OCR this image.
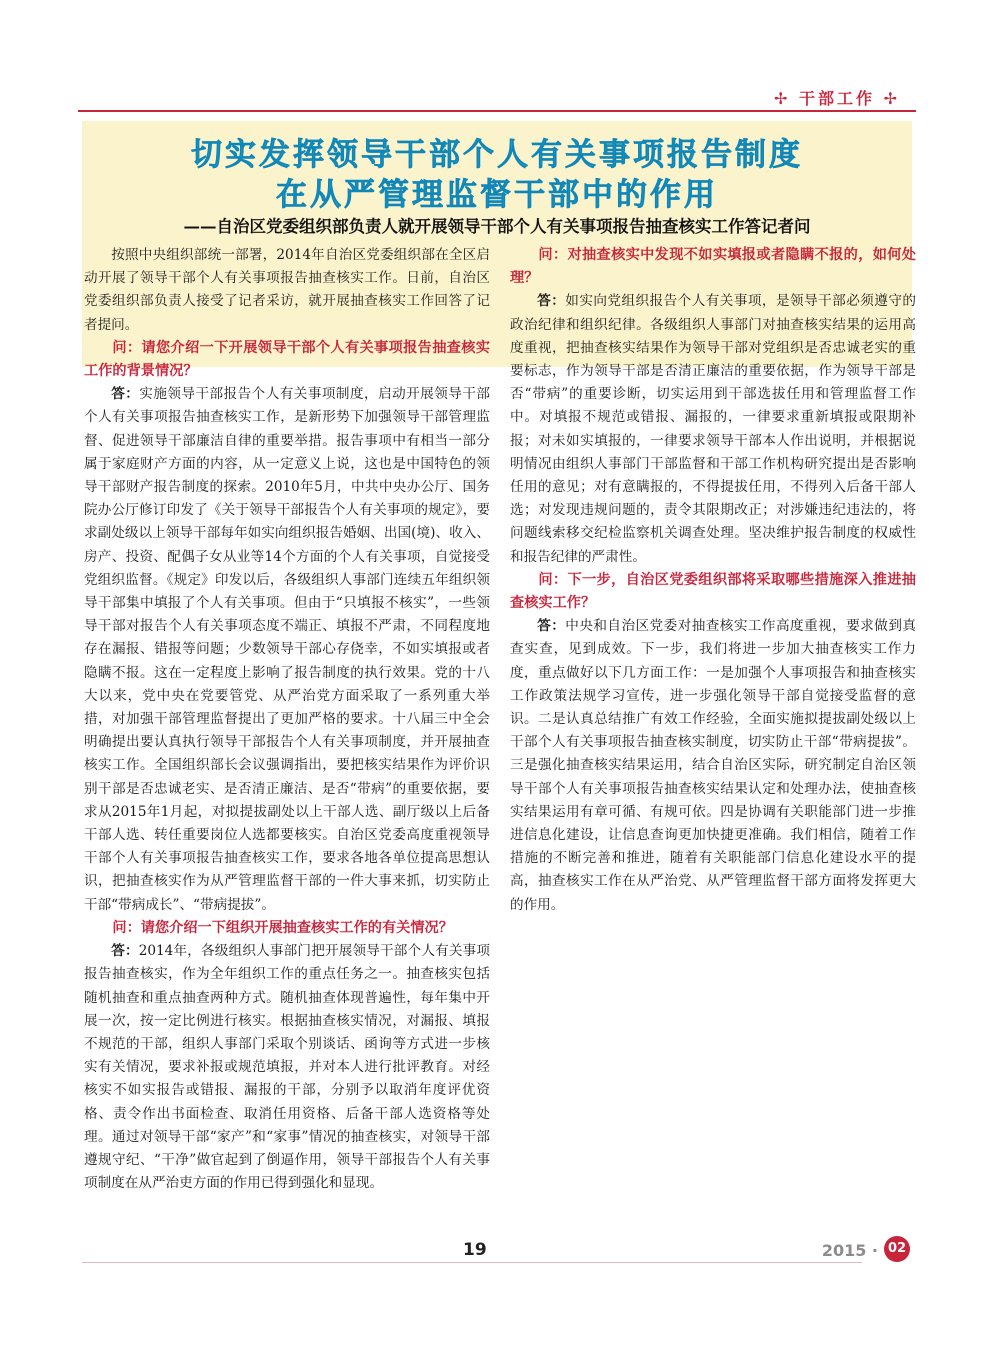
✢ 干部工作 ✢
切实发挥领导干部个人有关事项报告制度
在从严管理监督干部中的作用
——自治区党委组织部负责人就开展领导干部个人有关事项报告抽查核实工作答记者问

按照中央组织部统一部署，2014年自治区党委组织部在全区启动开展了领导干部个人有关事项报告抽查核实工作。日前，自治区党委组织部负责人接受了记者采访，就开展抽查核实工作回答了记者提问。

问：请您介绍一下开展领导干部个人有关事项报告抽查核实工作的背景情况？

答：实施领导干部报告个人有关事项制度，启动开展领导干部个人有关事项报告抽查核实工作，是新形势下加强领导干部管理监督、促进领导干部廉洁自律的重要举措。报告事项中有相当一部分属于家庭财产方面的内容，从一定意义上说，这也是中国特色的领导干部财产报告制度的探索。2010年5月，中共中央办公厅、国务院办公厅修订印发了《关于领导干部报告个人有关事项的规定》，要求副处级以上领导干部每年如实向组织报告婚姻、出国(境)、收入、房产、投资、配偶子女从业等14个方面的个人有关事项，自觉接受党组织监督。《规定》印发以后，各级组织人事部门连续五年组织领导干部集中填报了个人有关事项。但由于“只填报不核实”，一些领导干部对报告个人有关事项态度不端正、填报不严肃，不同程度地存在漏报、错报等问题；少数领导干部心存侥幸，不如实填报或者隐瞒不报。这在一定程度上影响了报告制度的执行效果。党的十八大以来，党中央在党要管党、从严治党方面采取了一系列重大举措，对加强干部管理监督提出了更加严格的要求。十八届三中全会明确提出要认真执行领导干部报告个人有关事项制度，并开展抽查核实工作。全国组织部长会议强调指出，要把核实结果作为评价识别干部是否忠诚老实、是否清正廉洁、是否“带病”的重要依据，要求从2015年1月起，对拟提拔副处以上干部人选、副厅级以上后备干部人选、转任重要岗位人选都要核实。自治区党委高度重视领导干部个人有关事项报告抽查核实工作，要求各地各单位提高思想认识，把抽查核实作为从严管理监督干部的一件大事来抓，切实防止干部“带病成长”、“带病提拔”。

问：请您介绍一下组织开展抽查核实工作的有关情况？

答：2014年，各级组织人事部门把开展领导干部个人有关事项报告抽查核实，作为全年组织工作的重点任务之一。抽查核实包括随机抽查和重点抽查两种方式。随机抽查体现普遍性，每年集中开展一次，按一定比例进行核实。根据抽查核实情况，对漏报、填报不规范的干部，组织人事部门采取个别谈话、函询等方式进一步核实有关情况，要求补报或规范填报，并对本人进行批评教育。对经核实不如实报告或错报、漏报的干部，分别予以取消年度评优资格、责令作出书面检查、取消任用资格、后备干部人选资格等处理。通过对领导干部“家产”和“家事”情况的抽查核实，对领导干部遵规守纪、“干净”做官起到了倒逼作用，领导干部报告个人有关事项制度在从严治吏方面的作用已得到强化和显现。

问：对抽查核实中发现不如实填报或者隐瞒不报的，如何处理？

答：如实向党组织报告个人有关事项，是领导干部必须遵守的政治纪律和组织纪律。各级组织人事部门对抽查核实结果的运用高度重视，把抽查核实结果作为领导干部对党组织是否忠诚老实的重要标志，作为领导干部是否清正廉洁的重要依据，作为领导干部是否“带病”的重要诊断，切实运用到干部选拔任用和管理监督工作中。对填报不规范或错报、漏报的，一律要求重新填报或限期补报；对未如实填报的，一律要求领导干部本人作出说明，并根据说明情况由组织人事部门干部监督和干部工作机构研究提出是否影响任用的意见；对有意瞒报的，不得提拔任用，不得列入后备干部人选；对发现违规问题的，责令其限期改正；对涉嫌违纪违法的，将问题线索移交纪检监察机关调查处理。坚决维护报告制度的权威性和报告纪律的严肃性。

问：下一步，自治区党委组织部将采取哪些措施深入推进抽查核实工作？

答：中央和自治区党委对抽查核实工作高度重视，要求做到真查实查，见到成效。下一步，我们将进一步加大抽查核实工作力度，重点做好以下几方面工作：一是加强个人事项报告和抽查核实工作政策法规学习宣传，进一步强化领导干部自觉接受监督的意识。二是认真总结推广有效工作经验，全面实施拟提拔副处级以上干部个人有关事项报告抽查核实制度，切实防止干部“带病提拔”。三是强化抽查核实结果运用，结合自治区实际，研究制定自治区领导干部个人有关事项报告抽查核实结果认定和处理办法，使抽查核实结果运用有章可循、有规可依。四是协调有关职能部门进一步推进信息化建设，让信息查询更加快捷更准确。我们相信，随着工作措施的不断完善和推进，随着有关职能部门信息化建设水平的提高，抽查核实工作在从严治党、从严管理监督干部方面将发挥更大的作用。

19	2015 · 02
